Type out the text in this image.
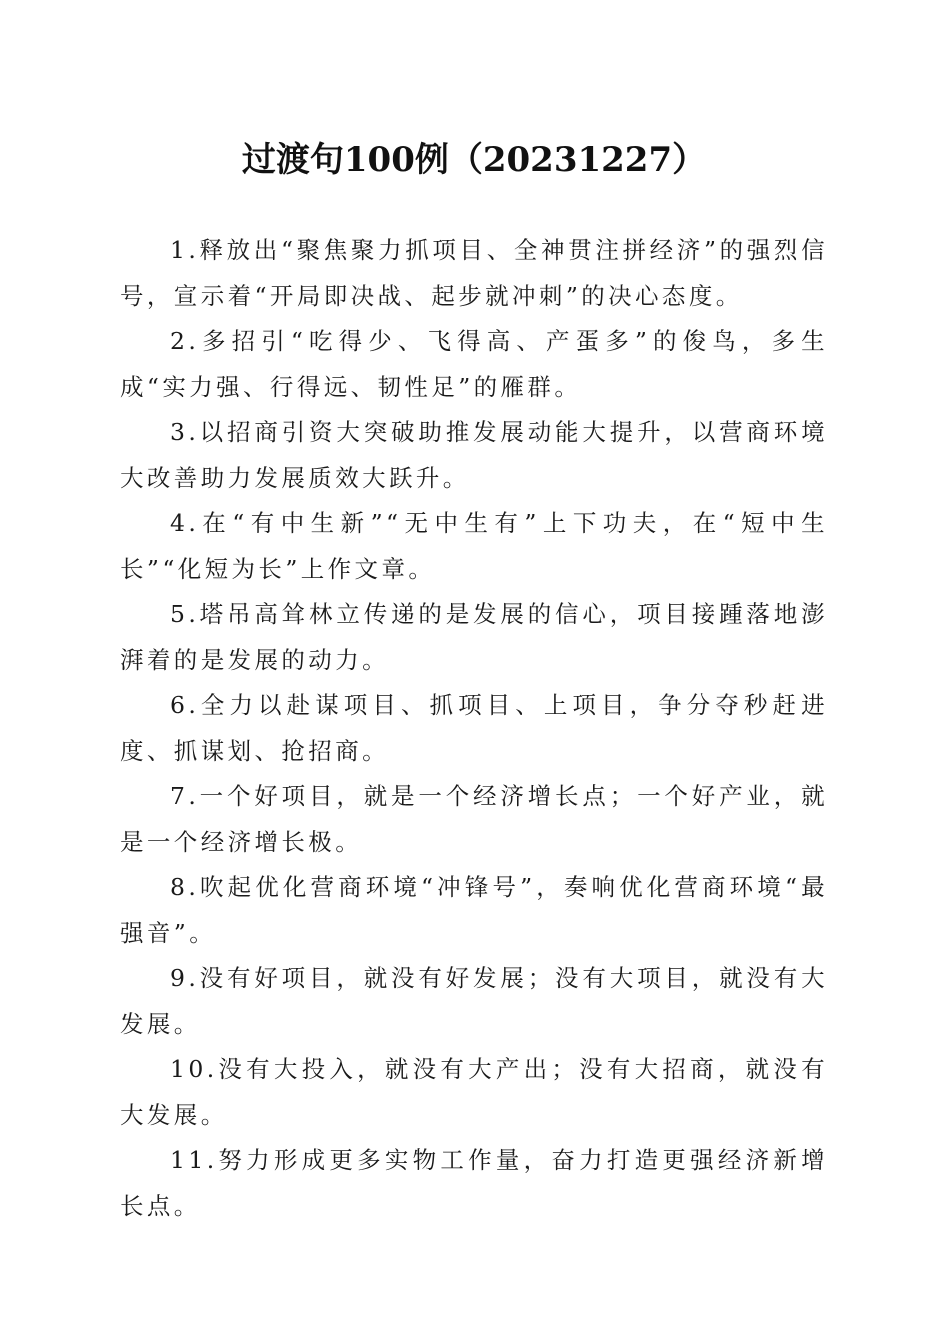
过渡句100例（20231227）

1.释放出“聚焦聚力抓项目、全神贯注拼经济”的强烈信号，宣示着“开局即决战、起步就冲刺”的决心态度。

2.多招引“吃得少、飞得高、产蛋多”的俊鸟，多生成“实力强、行得远、韧性足”的雁群。

3.以招商引资大突破助推发展动能大提升，以营商环境大改善助力发展质效大跃升。

4.在“有中生新”“无中生有”上下功夫，在“短中生长”“化短为长”上作文章。

5.塔吊高耸林立传递的是发展的信心，项目接踵落地澎湃着的是发展的动力。

6.全力以赴谋项目、抓项目、上项目，争分夺秒赶进度、抓谋划、抢招商。

7.一个好项目，就是一个经济增长点；一个好产业，就是一个经济增长极。

8.吹起优化营商环境“冲锋号”，奏响优化营商环境“最强音”。

9.没有好项目，就没有好发展；没有大项目，就没有大发展。

10.没有大投入，就没有大产出；没有大招商，就没有大发展。

11.努力形成更多实物工作量，奋力打造更强经济新增长点。
